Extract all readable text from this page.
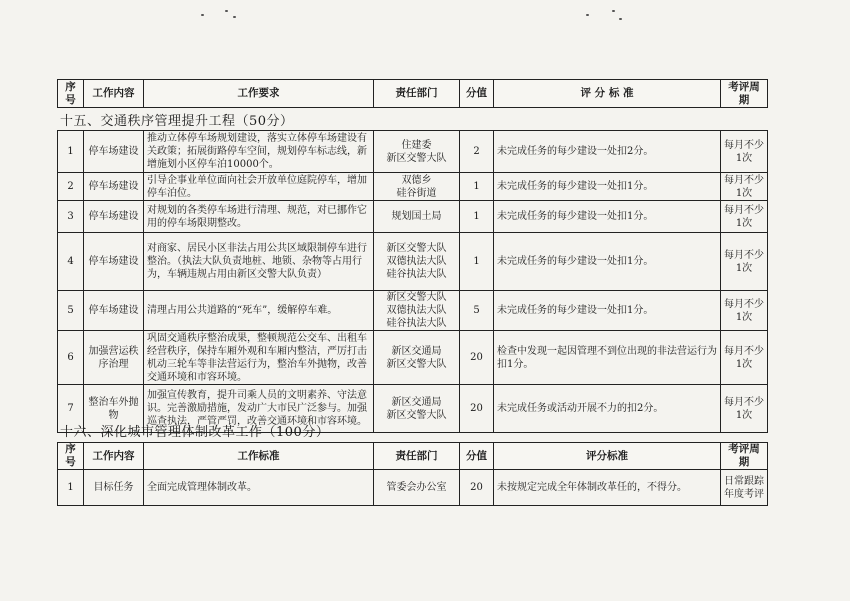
序号	工作内容	工作要求	责任部门	分值	评 分 标 准	考评周期
十五、交通秩序管理提升工程（50分）
1	停车场建设	推动立体停车场规划建设，落实立体停车场建设有关政策；拓展街路停车空间，规划停车标志线，新增施划小区停车泊10000个。	住建委
新区交警大队	2	未完成任务的每少建设一处扣2分。	每月不少1次
2	停车场建设	引导企事业单位面向社会开放单位庭院停车，增加停车泊位。	双德乡
硅谷街道	1	未完成任务的每少建设一处扣1分。	每月不少1次
3	停车场建设	对规划的各类停车场进行清理、规范，对已挪作它用的停车场限期整改。	规划国土局	1	未完成任务的每少建设一处扣1分。	每月不少1次
4	停车场建设	对商家、居民小区非法占用公共区域限制停车进行整治。（执法大队负责地桩、地锁、杂物等占用行为，车辆违规占用由新区交警大队负责）	新区交警大队
双德执法大队
硅谷执法大队	1	未完成任务的每少建设一处扣1分。	每月不少1次
5	停车场建设	清理占用公共道路的“死车”，缓解停车难。	新区交警大队
双德执法大队
硅谷执法大队	5	未完成任务的每少建设一处扣1分。	每月不少1次
6	加强营运秩序治理	巩固交通秩序整治成果，整顿规范公交车、出租车经营秩序，保持车厢外观和车厢内整洁，严厉打击机动三轮车等非法营运行为，整治车外抛物，改善交通环境和市容环境。	新区交通局
新区交警大队	20	检查中发现一起因管理不到位出现的非法营运行为扣1分。	每月不少1次
7	整治车外抛物	加强宣传教育，提升司乘人员的文明素养、守法意识。完善激励措施，发动广大市民广泛参与。加强巡查执法，严管严罚，改善交通环境和市容环境。	新区交通局
新区交警大队	20	未完成任务或活动开展不力的扣2分。	每月不少1次
十六、深化城市管理体制改革工作（100分）
序号	工作内容	工作标准	责任部门	分值	评分标准	考评周期
1	目标任务	全面完成管理体制改革。	管委会办公室	20	未按规定完成全年体制改革任的，不得分。	日常跟踪年度考评
